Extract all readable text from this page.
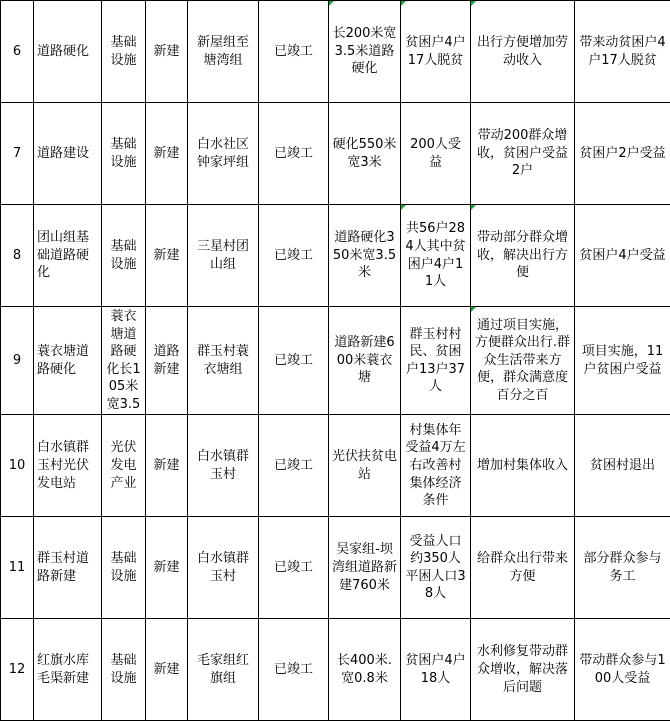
6	道路硬化	基础设施	新建	新屋组至塘湾组	已竣工	长200米宽3.5米道路硬化	贫困户4户17人脱贫	出行方便增加劳动收入	带来动贫困户4户17人脱贫
7	道路建设	基础设施	新建	白水社区钟家坪组	已竣工	硬化550米宽3米	200人受益	带动200群众增收，贫困户受益2户	贫困户2户受益
8	团山组基础道路硬化	基础设施	新建	三星村团山组	已竣工	道路硬化350米宽3.5米	共56户284人其中贫困户4户11人	带动部分群众增收，解决出行方便	贫困户4户受益
9	蓑衣塘道路硬化	蓑衣塘道路硬化长105米宽3.5	道路新建	群玉村蓑衣塘组	已竣工	道路新建600米蓑衣塘	群玉村村民、贫困户13户37人	通过项目实施，方便群众出行.群众生活带来方便，群众满意度百分之百	项目实施，11户贫困户受益
10	白水镇群玉村光伏发电站	光伏发电产业	新建	白水镇群玉村	已竣工	光伏扶贫电站	村集体年受益4万左右改善村集体经济条件	增加村集体收入	贫困村退出
11	群玉村道路新建	基础设施	新建	白水镇群玉村	已竣工	吴家组-坝湾组道路新建760米	受益人口约350人平困人口38人	给群众出行带来方便	部分群众参与务工
12	红旗水库毛渠新建	基础设施	新建	毛家组红旗组	已竣工	长400米.宽0.8米	贫困户4户18人	水利修复带动群众增收，解决落后问题	带动群众参与100人受益
